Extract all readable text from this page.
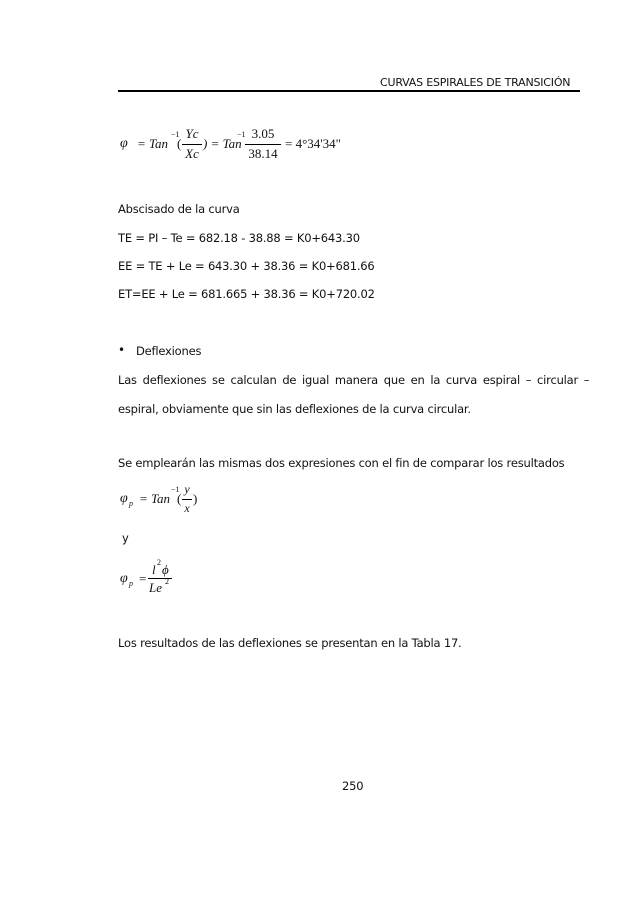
CURVAS ESPIRALES DE TRANSICIÓN
φ = Tan
−1
(
Yc
Xc
) = Tan
−1 3.05
38.14
= 4°34'34"
Abscisado de la curva
TE = PI – Te = 682.18 - 38.88 = K0+643.30
EE = TE + Le = 643.30 + 38.36 = K0+681.66
ET=EE + Le = 681.665 + 38.36 = K0+720.02
• Deflexiones
Las deflexiones se calculan de igual manera que en la curva espiral – circular –
espiral, obviamente que sin las deflexiones de la curva circular.
Se emplearán las mismas dos expresiones con el fin de comparar los resultados
φ p = Tan
−1
(
y
x
)
y
φ p =
l 2 ϕ
Le 2
Los resultados de las deflexiones se presentan en la Tabla 17.
250
